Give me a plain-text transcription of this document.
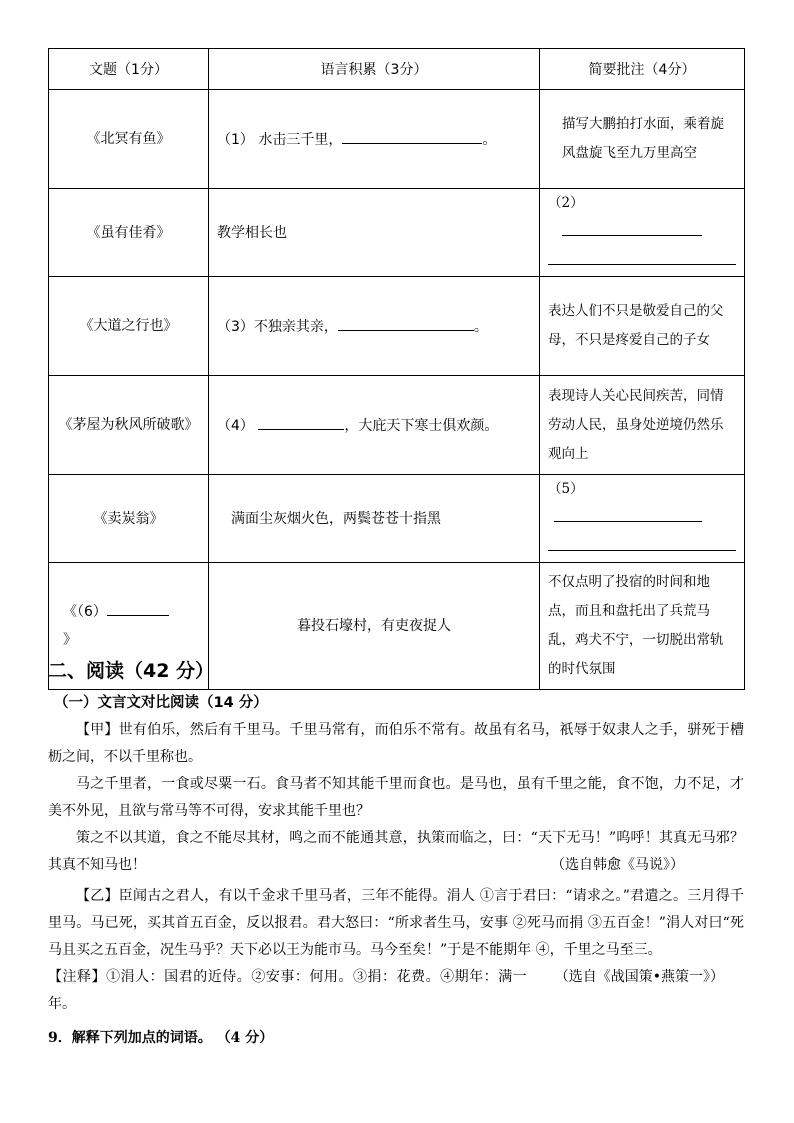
文题（1分）	语言积累（3分）	简要批注（4分）
《北冥有鱼》	（1） 水击三千里， 。	描写大鹏拍打水面，乘着旋风盘旋飞至九万里高空
《虽有佳肴》	教学相长也	（2）

《大道之行也》	（3）不独亲其亲， 。	表达人们不只是敬爱自己的父母，不只是疼爱自己的子女
《茅屋为秋风所破歌》	（4） ，大庇天下寒士俱欢颜。	表现诗人关心民间疾苦，同情劳动人民，虽身处逆境仍然乐观向上
《卖炭翁》	满面尘灰烟火色，两鬓苍苍十指黑	（5）

《（6）
》	暮投石壕村，有吏夜捉人	不仅点明了投宿的时间和地点，而且和盘托出了兵荒马乱，鸡犬不宁，一切脱出常轨的时代氛围
二、阅读（42 分）
（一）文言文对比阅读（14 分）

【甲】世有伯乐，然后有千里马。千里马常有，而伯乐不常有。故虽有名马，祇辱于奴隶人之手，骈死于槽枥之间，不以千里称也。

马之千里者，一食或尽粟一石。食马者不知其能千里而食也。是马也，虽有千里之能，食不饱，力不足，才美不外见，且欲与常马等不可得，安求其能千里也？

策之不以其道，食之不能尽其材，鸣之而不能通其意，执策而临之，曰：“天下无马！”呜呼！其真无马邪？其真不知马也！	（选自韩愈《马说》）

【乙】臣闻古之君人，有以千金求千里马者，三年不能得。涓人 ①言于君曰：“请求之。”君遣之。三月得千里马。马已死，买其首五百金，反以报君。君大怒曰：“所求者生马，安事 ②死马而捐 ③五百金！”涓人对曰“死马且买之五百金，况生马乎？天下必以王为能市马。马今至矣！”于是不能期年 ④，千里之马至三。
（选自《战国策•燕策一》）

【注释】①涓人：国君的近侍。②安事：何用。③捐：花费。④期年：满一年。

9．解释下列加点的词语。 （4 分）
